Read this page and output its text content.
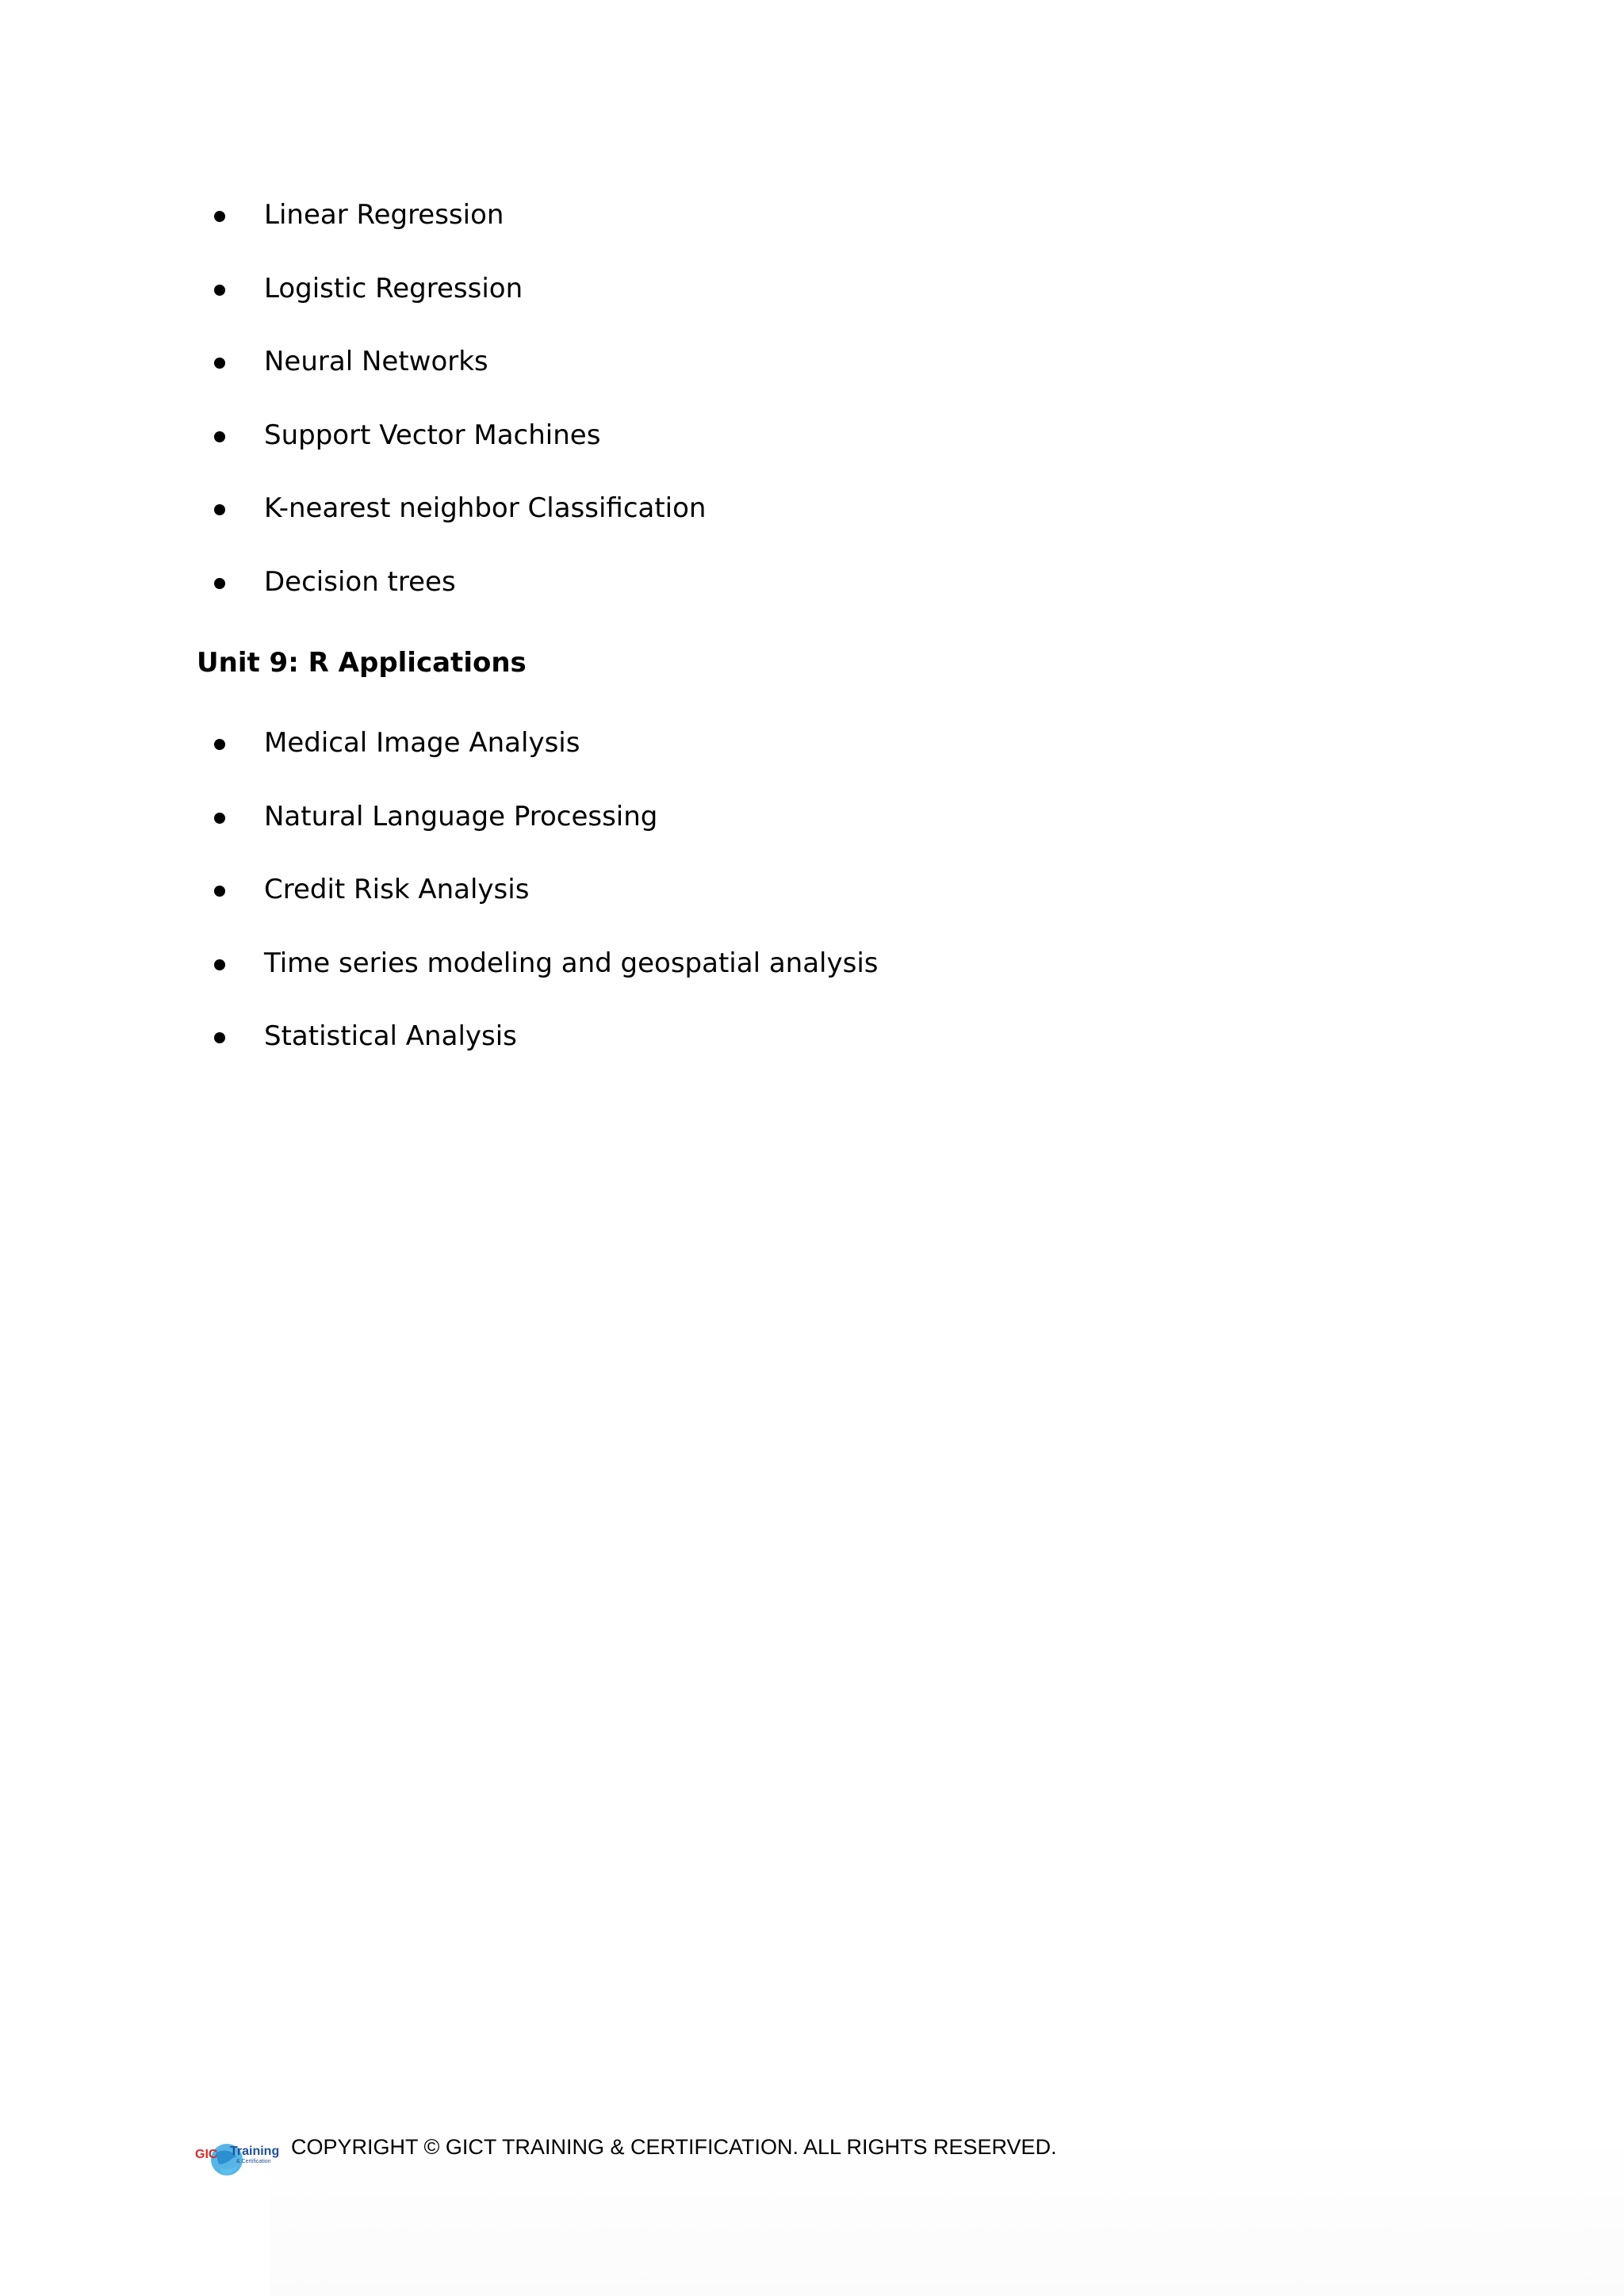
Linear Regression
Logistic Regression
Neural Networks
Support Vector Machines
K-nearest neighbor Classification
Decision trees
Unit 9: R Applications
Medical Image Analysis
Natural Language Processing
Credit Risk Analysis
Time series modeling and geospatial analysis
Statistical Analysis
GIC Training
& Certification
COPYRIGHT © GICT TRAINING & CERTIFICATION. ALL RIGHTS RESERVED.
